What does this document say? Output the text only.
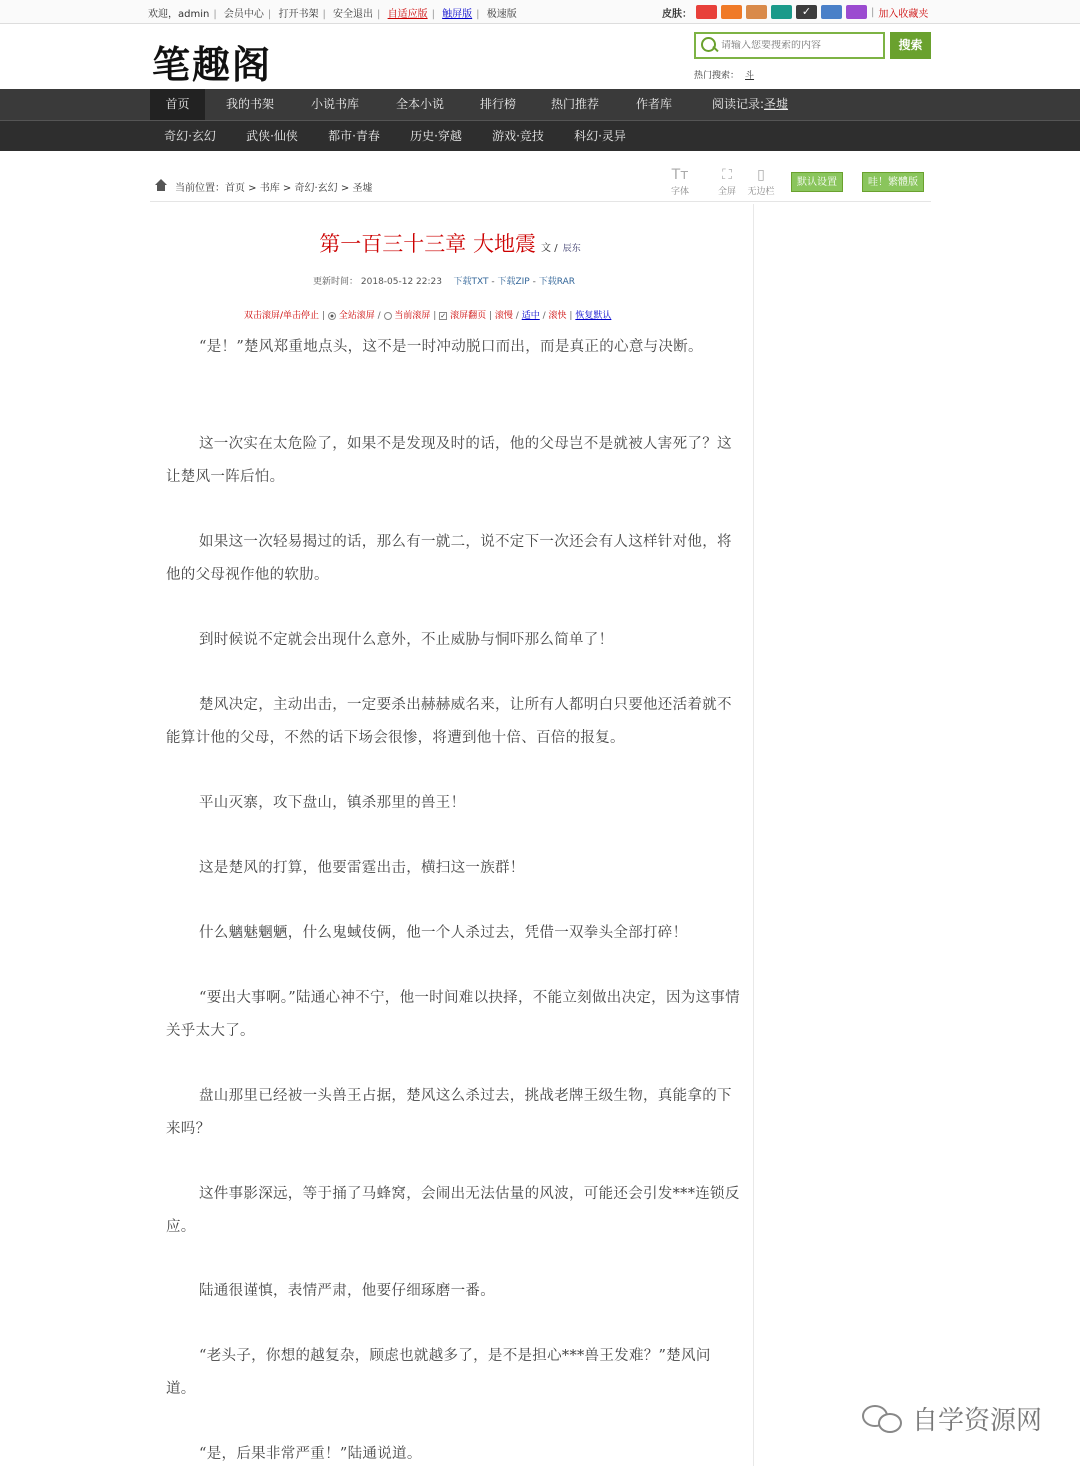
欢迎，admin | 会员中心 | 打开书架 | 安全退出 | 自适应版 | 触屏版 | 极速版	皮肤：	✓	| 加入收藏夹
笔趣阁
请输入您要搜索的内容	搜索
热门搜索： 斗
首页	我的书架	小说书库	全本小说	排行榜	热门推荐	作者库	阅读记录:圣墟
奇幻·玄幻	武侠·仙侠	都市·青春	历史·穿越	游戏·竞技	科幻·灵异
当前位置：首页 > 书库 > 奇幻·玄幻 > 圣墟
Tт
字体
⛶
全屏
▯
无边栏
默认设置	哇！繁體版
第一百三十三章 大地震 文 / 辰东
更新时间： 2018-05-12 22:23 下载TXT - 下载ZIP - 下载RAR
双击滚屏/单击停止 | 全站滚屏 / 当前滚屏 | ✓ 滚屏翻页 | 滚慢 / 适中 / 滚快 | 恢复默认

“是！”楚风郑重地点头，这不是一时冲动脱口而出，而是真正的心意与决断。

这一次实在太危险了，如果不是发现及时的话，他的父母岂不是就被人害死了？这让楚风一阵后怕。

如果这一次轻易揭过的话，那么有一就二，说不定下一次还会有人这样针对他，将他的父母视作他的软肋。

到时候说不定就会出现什么意外，不止威胁与恫吓那么简单了！

楚风决定，主动出击，一定要杀出赫赫威名来，让所有人都明白只要他还活着就不能算计他的父母，不然的话下场会很惨，将遭到他十倍、百倍的报复。

平山灭寨，攻下盘山，镇杀那里的兽王！

这是楚风的打算，他要雷霆出击，横扫这一族群！

什么魑魅魍魉，什么鬼蜮伎俩，他一个人杀过去，凭借一双拳头全部打碎！

“要出大事啊。”陆通心神不宁，他一时间难以抉择，不能立刻做出决定，因为这事情关乎太大了。

盘山那里已经被一头兽王占据，楚风这么杀过去，挑战老牌王级生物，真能拿的下来吗？

这件事影深远，等于捅了马蜂窝，会闹出无法估量的风波，可能还会引发***连锁反应。

陆通很谨慎，表情严肃，他要仔细琢磨一番。

“老头子，你想的越复杂，顾虑也就越多了，是不是担心***兽王发难？”楚风问道。

“是，后果非常严重！”陆通说道。

自学资源网
